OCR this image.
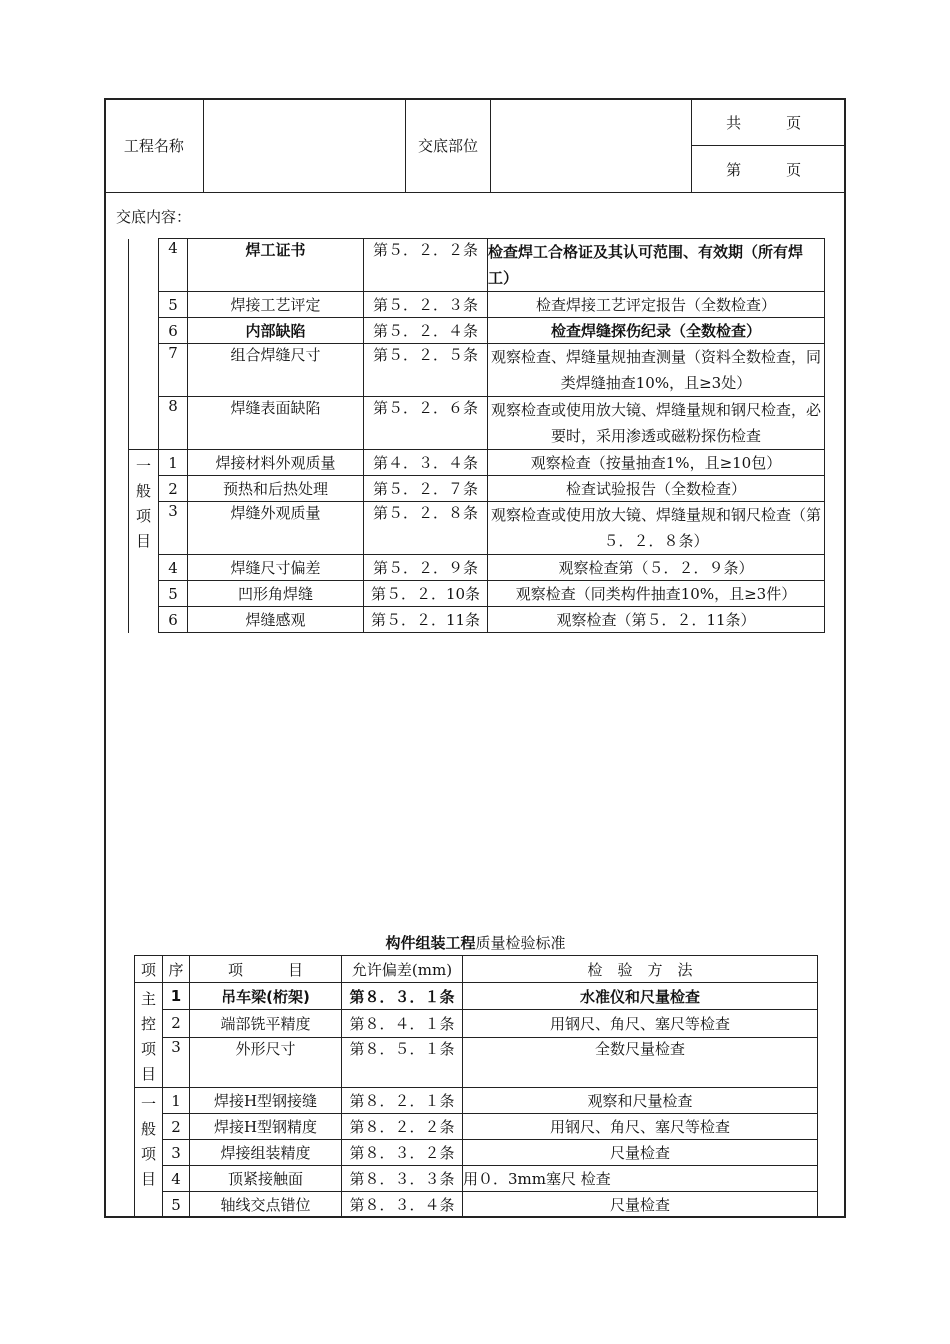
工程名称		交底部位		共　　　页
第　　　页
交底内容：
	4	焊工证书	第５．２．２条	检查焊工合格证及其认可范围、有效期（所有焊工）
	5	焊接工艺评定	第５．２．３条	检查焊接工艺评定报告（全数检查）
	6	内部缺陷	第５．２．４条	检查焊缝探伤纪录（全数检查）
	7	组合焊缝尺寸	第５．２．５条	观察检查、焊缝量规抽查测量（资料全数检查，同类焊缝抽查10%，且≥3处）
	8	焊缝表面缺陷	第５．２．６条	观察检查或使用放大镜、焊缝量规和钢尺检查，必要时，采用渗透或磁粉探伤检查

一
般
项
目	1	焊接材料外观质量	第４．３．４条	观察检查（按量抽查1%，且≥10包）
	2	预热和后热处理	第５．２．７条	检查试验报告（全数检查）
	3	焊缝外观质量	第５．２．８条	观察检查或使用放大镜、焊缝量规和钢尺检查（第５．２．８条）
	4	焊缝尺寸偏差	第５．２．９条	观察检查第（５．２．９条）
	5	凹形角焊缝	第５．２．10条	观察检查（同类构件抽查10%，且≥3件）
	6	焊缝感观	第５．２．11条	观察检查（第５．２．11条）
构件组装工程质量检验标准
项	序	项　　　目	允许偏差(mm)	检　验　方　法

主
控
项
目	1	吊车梁(桁架)	第８．３．１条	水准仪和尺量检查
	2	端部铣平精度	第８．４．１条	用钢尺、角尺、塞尺等检查
	3	外形尺寸	第８．５．１条	全数尺量检查

一
般
项
目	1	焊接H型钢接缝	第８．２．１条	观察和尺量检查
	2	焊接H型钢精度	第８．２．２条	用钢尺、角尺、塞尺等检查
	3	焊接组装精度	第８．３．２条	尺量检查
	4	顶紧接触面	第８．３．３条	用０．3mm塞尺 检查
	5	轴线交点错位	第８．３．４条	尺量检查
